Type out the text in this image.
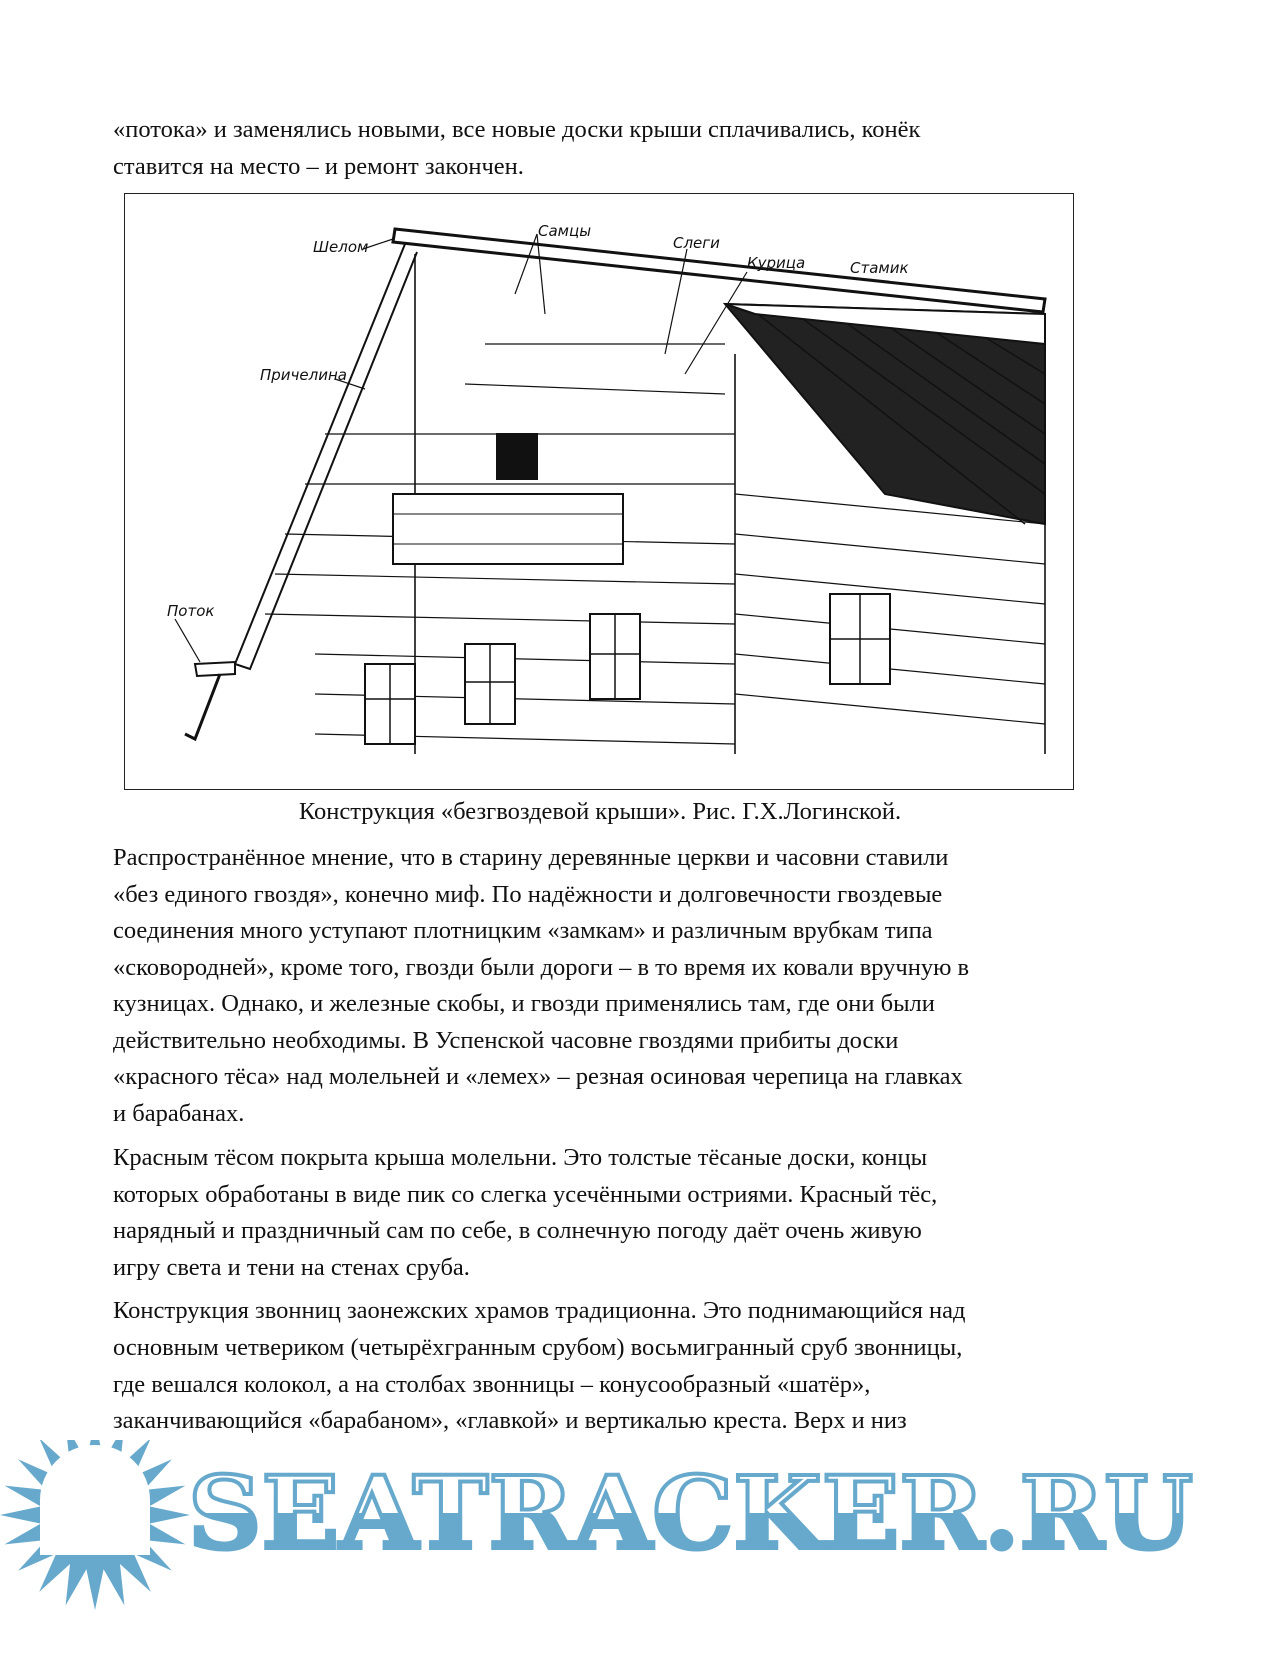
«потока» и заменялись новыми, все новые доски крыши сплачивались, конёк
ставится на место – и ремонт закончен.
Шелом
Самцы
Слеги
Курица	Стамик
Причелина
Поток
Конструкция «безгвоздевой крыши». Рис. Г.Х.Логинской.
Распространённое мнение, что в старину деревянные церкви и часовни ставили
«без единого гвоздя», конечно миф. По надёжности и долговечности гвоздевые
соединения много уступают плотницким «замкам» и различным врубкам типа
«сковородней», кроме того, гвозди были дороги – в то время их ковали вручную в
кузницах. Однако, и железные скобы, и гвозди применялись там, где они были
действительно необходимы. В Успенской часовне гвоздями прибиты доски
«красного тёса» над молельней и «лемех» – резная осиновая черепица на главках
и барабанах.
Красным тёсом покрыта крыша молельни. Это толстые тёсаные доски, концы
которых обработаны в виде пик со слегка усечёнными остриями. Красный тёс,
нарядный и праздничный сам по себе, в солнечную погоду даёт очень живую
игру света и тени на стенах сруба.
Конструкция звонниц заонежских храмов традиционна. Это поднимающийся над
основным четвериком (четырёхгранным срубом) восьмигранный сруб звонницы,
где вешался колокол, а на столбах звонницы – конусообразный «шатёр»,
заканчивающийся «барабаном», «главкой» и вертикалью креста. Верх и низ
SEATRACKER.RU
